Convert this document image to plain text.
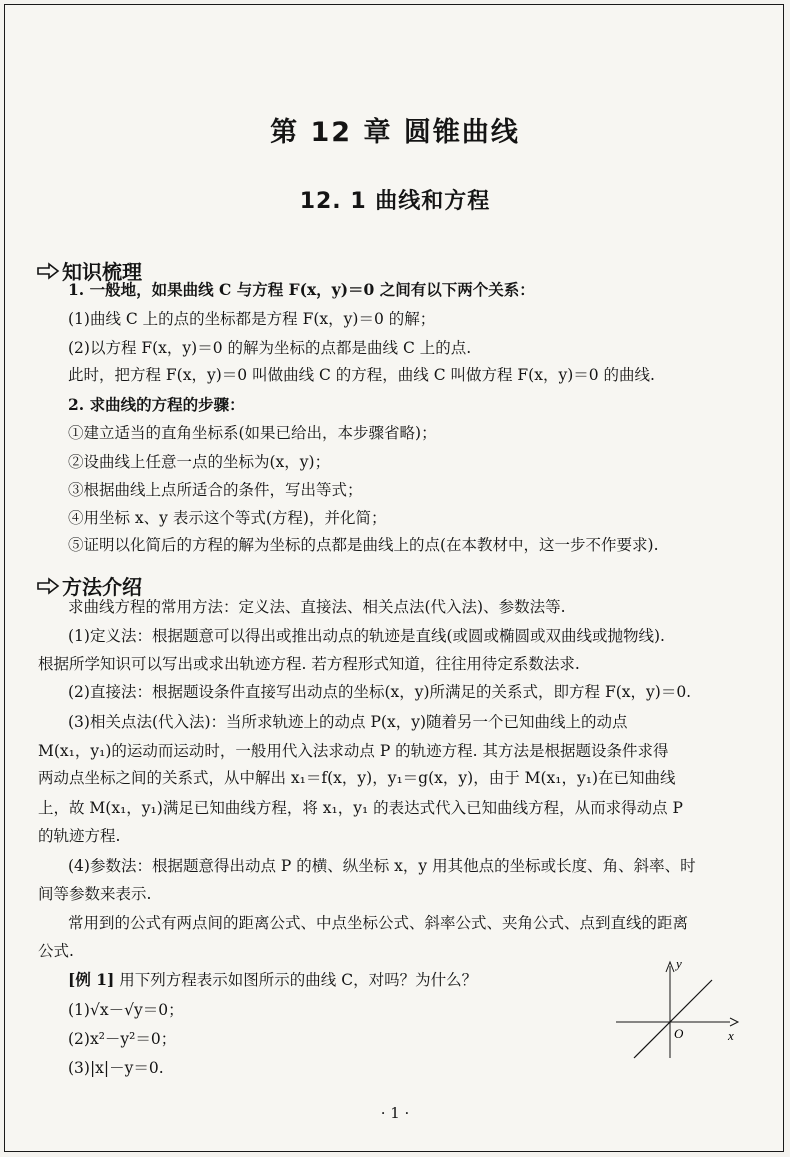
第 12 章 圆锥曲线
12. 1 曲线和方程
知识梳理
1. 一般地，如果曲线 C 与方程 F(x，y)＝0 之间有以下两个关系：
(1)曲线 C 上的点的坐标都是方程 F(x，y)＝0 的解；
(2)以方程 F(x，y)＝0 的解为坐标的点都是曲线 C 上的点.
此时，把方程 F(x，y)＝0 叫做曲线 C 的方程，曲线 C 叫做方程 F(x，y)＝0 的曲线.
2. 求曲线的方程的步骤：
①建立适当的直角坐标系(如果已给出，本步骤省略)；
②设曲线上任意一点的坐标为(x，y)；
③根据曲线上点所适合的条件，写出等式；
④用坐标 x、y 表示这个等式(方程)，并化简；
⑤证明以化简后的方程的解为坐标的点都是曲线上的点(在本教材中，这一步不作要求).
方法介绍
求曲线方程的常用方法：定义法、直接法、相关点法(代入法)、参数法等.
(1)定义法：根据题意可以得出或推出动点的轨迹是直线(或圆或椭圆或双曲线或抛物线).
根据所学知识可以写出或求出轨迹方程. 若方程形式知道，往往用待定系数法求.
(2)直接法：根据题设条件直接写出动点的坐标(x，y)所满足的关系式，即方程 F(x，y)＝0.
(3)相关点法(代入法)：当所求轨迹上的动点 P(x，y)随着另一个已知曲线上的动点
M(x₁，y₁)的运动而运动时，一般用代入法求动点 P 的轨迹方程. 其方法是根据题设条件求得
两动点坐标之间的关系式，从中解出 x₁＝f(x，y)，y₁＝g(x，y)，由于 M(x₁，y₁)在已知曲线
上，故 M(x₁，y₁)满足已知曲线方程，将 x₁，y₁ 的表达式代入已知曲线方程，从而求得动点 P
的轨迹方程.
(4)参数法：根据题意得出动点 P 的横、纵坐标 x，y 用其他点的坐标或长度、角、斜率、时
间等参数来表示.
常用到的公式有两点间的距离公式、中点坐标公式、斜率公式、夹角公式、点到直线的距离
公式.
[例 1] 用下列方程表示如图所示的曲线 C，对吗？为什么？
(1)√x－√y＝0；
(2)x²－y²＝0；
(3)|x|－y＝0.
x
y
O
· 1 ·
